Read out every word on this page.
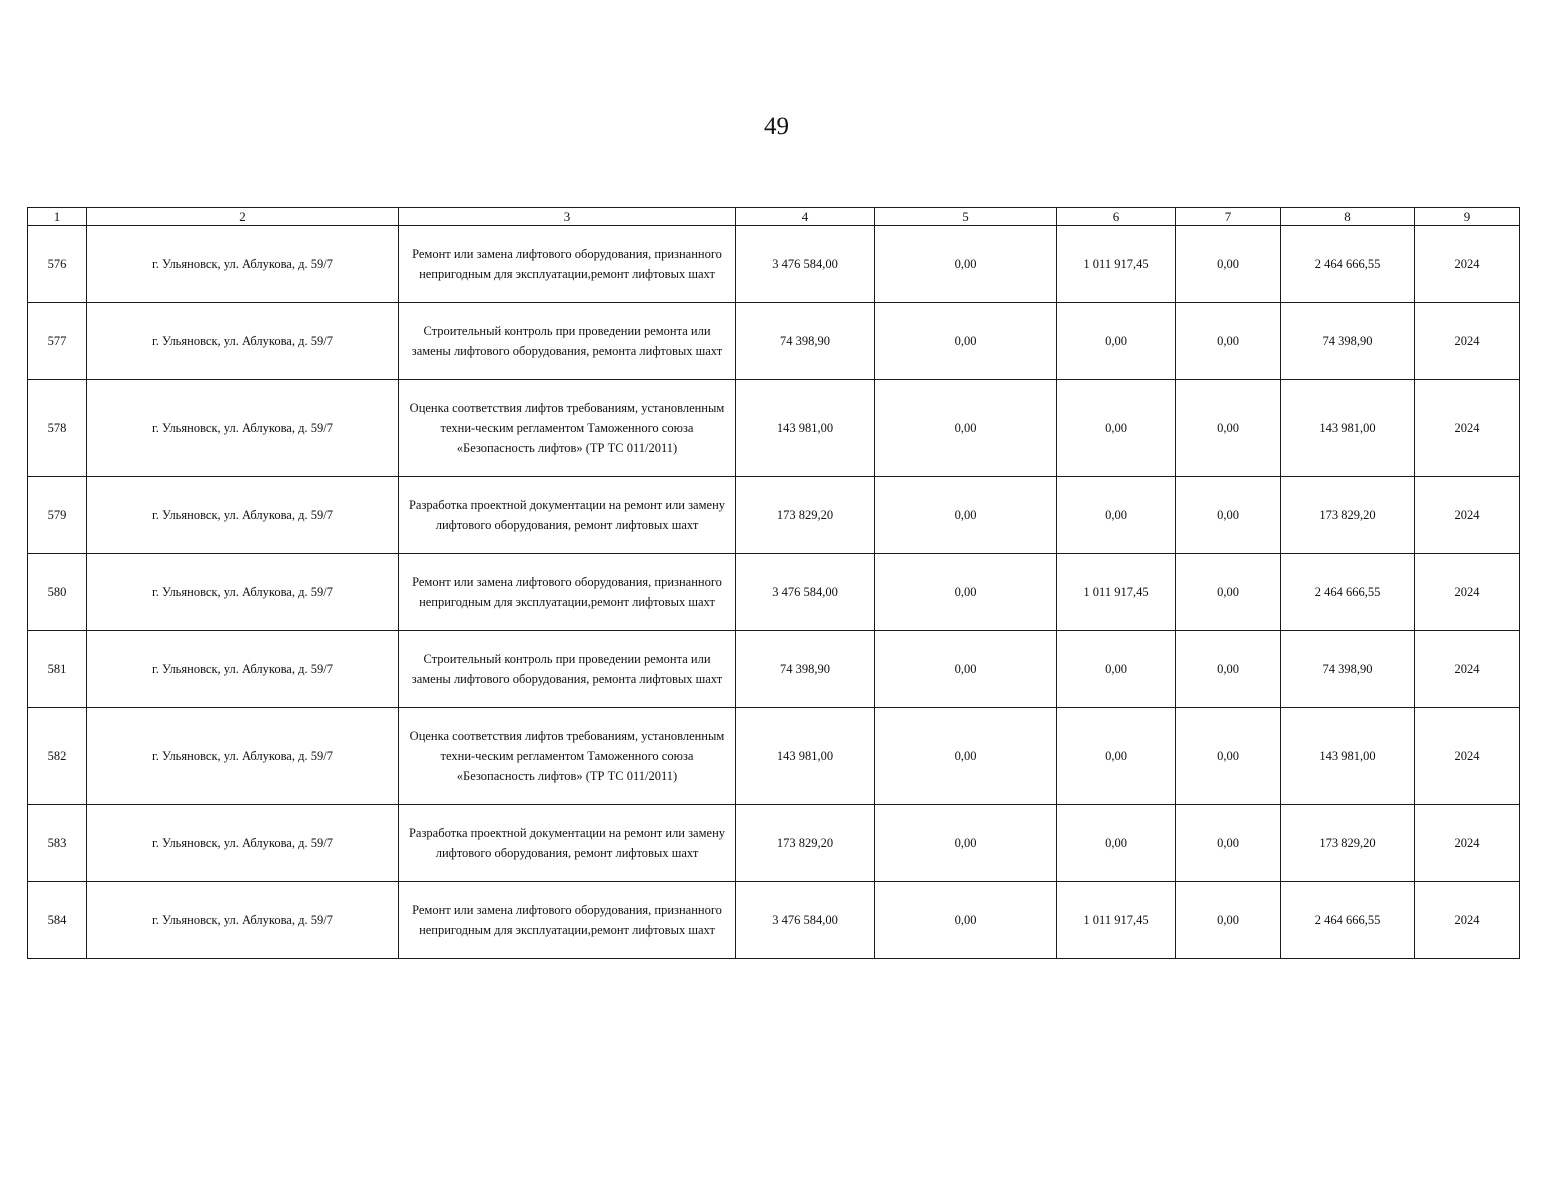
49
1	2	3	4	5	6	7	8	9
576	г. Ульяновск, ул. Аблукова, д. 59/7	Ремонт или замена лифтового оборудования, признанного непригодным для эксплуатации,ремонт лифтовых шахт	3 476 584,00	0,00	1 011 917,45	0,00	2 464 666,55	2024
577	г. Ульяновск, ул. Аблукова, д. 59/7	Строительный контроль при проведении ремонта или замены лифтового оборудования, ремонта лифтовых шахт	74 398,90	0,00	0,00	0,00	74 398,90	2024
578	г. Ульяновск, ул. Аблукова, д. 59/7	Оценка соответствия лифтов требованиям, установленным техни-ческим регламентом Таможенного союза «Безопасность лифтов» (ТР ТС 011/2011)	143 981,00	0,00	0,00	0,00	143 981,00	2024
579	г. Ульяновск, ул. Аблукова, д. 59/7	Разработка проектной документации на ремонт или замену лифтового оборудования, ремонт лифтовых шахт	173 829,20	0,00	0,00	0,00	173 829,20	2024
580	г. Ульяновск, ул. Аблукова, д. 59/7	Ремонт или замена лифтового оборудования, признанного непригодным для эксплуатации,ремонт лифтовых шахт	3 476 584,00	0,00	1 011 917,45	0,00	2 464 666,55	2024
581	г. Ульяновск, ул. Аблукова, д. 59/7	Строительный контроль при проведении ремонта или замены лифтового оборудования, ремонта лифтовых шахт	74 398,90	0,00	0,00	0,00	74 398,90	2024
582	г. Ульяновск, ул. Аблукова, д. 59/7	Оценка соответствия лифтов требованиям, установленным техни-ческим регламентом Таможенного союза «Безопасность лифтов» (ТР ТС 011/2011)	143 981,00	0,00	0,00	0,00	143 981,00	2024
583	г. Ульяновск, ул. Аблукова, д. 59/7	Разработка проектной документации на ремонт или замену лифтового оборудования, ремонт лифтовых шахт	173 829,20	0,00	0,00	0,00	173 829,20	2024
584	г. Ульяновск, ул. Аблукова, д. 59/7	Ремонт или замена лифтового оборудования, признанного непригодным для эксплуатации,ремонт лифтовых шахт	3 476 584,00	0,00	1 011 917,45	0,00	2 464 666,55	2024
